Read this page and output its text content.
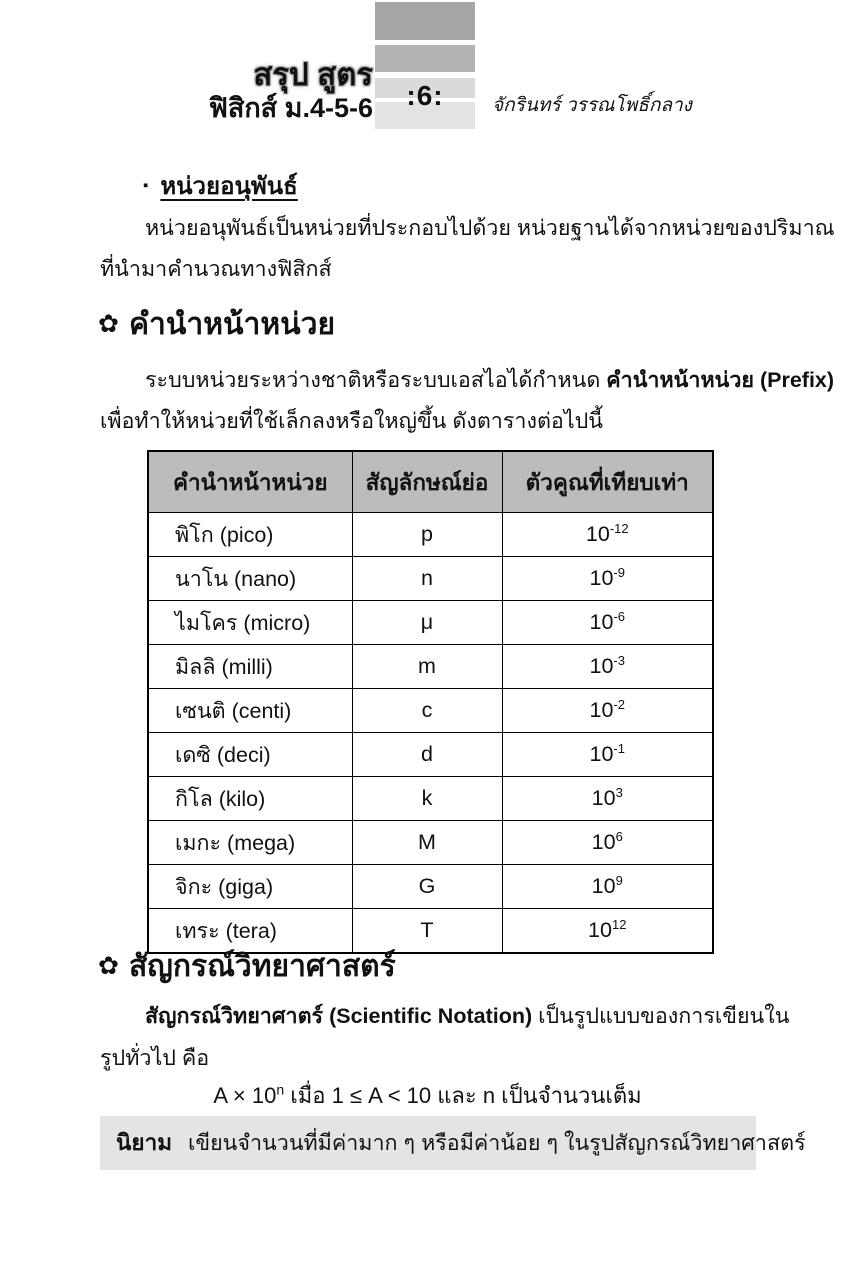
:6:
สรุป สูตร
ฟิสิกส์ ม.4-5-6	จักรินทร์ วรรณโพธิ์กลาง
▪ หน่วยอนุพันธ์
หน่วยอนุพันธ์เป็นหน่วยที่ประกอบไปด้วย หน่วยฐานได้จากหน่วยของปริมาณ
ที่นำมาคำนวณทางฟิสิกส์
✿ คำนำหน้าหน่วย
ระบบหน่วยระหว่างชาติหรือระบบเอสไอได้กำหนด คำนำหน้าหน่วย (Prefix)
เพื่อทำให้หน่วยที่ใช้เล็กลงหรือใหญ่ขึ้น ดังตารางต่อไปนี้
คำนำหน้าหน่วย	สัญลักษณ์ย่อ	ตัวคูณที่เทียบเท่า
พิโก (pico)	p	$10^{-12}$
นาโน (nano)	n	$10^{-9}$
ไมโคร (micro)	μ	$10^{-6}$
มิลลิ (milli)	m	$10^{-3}$
เซนติ (centi)	c	$10^{-2}$
เดซิ (deci)	d	$10^{-1}$
กิโล (kilo)	k	$10^3$
เมกะ (mega)	M	$10^6$
จิกะ (giga)	G	$10^9$
เทระ (tera)	T	$10^{12}$
✿ สัญกรณ์วิทยาศาสตร์
สัญกรณ์วิทยาศาตร์ (Scientific Notation) เป็นรูปแบบของการเขียนใน
รูปทั่วไป คือ
$A \times 10^n$ เมื่อ 1 ≤ A < 10 และ n เป็นจำนวนเต็ม
นิยาม เขียนจำนวนที่มีค่ามาก ๆ หรือมีค่าน้อย ๆ ในรูปสัญกรณ์วิทยาศาสตร์
